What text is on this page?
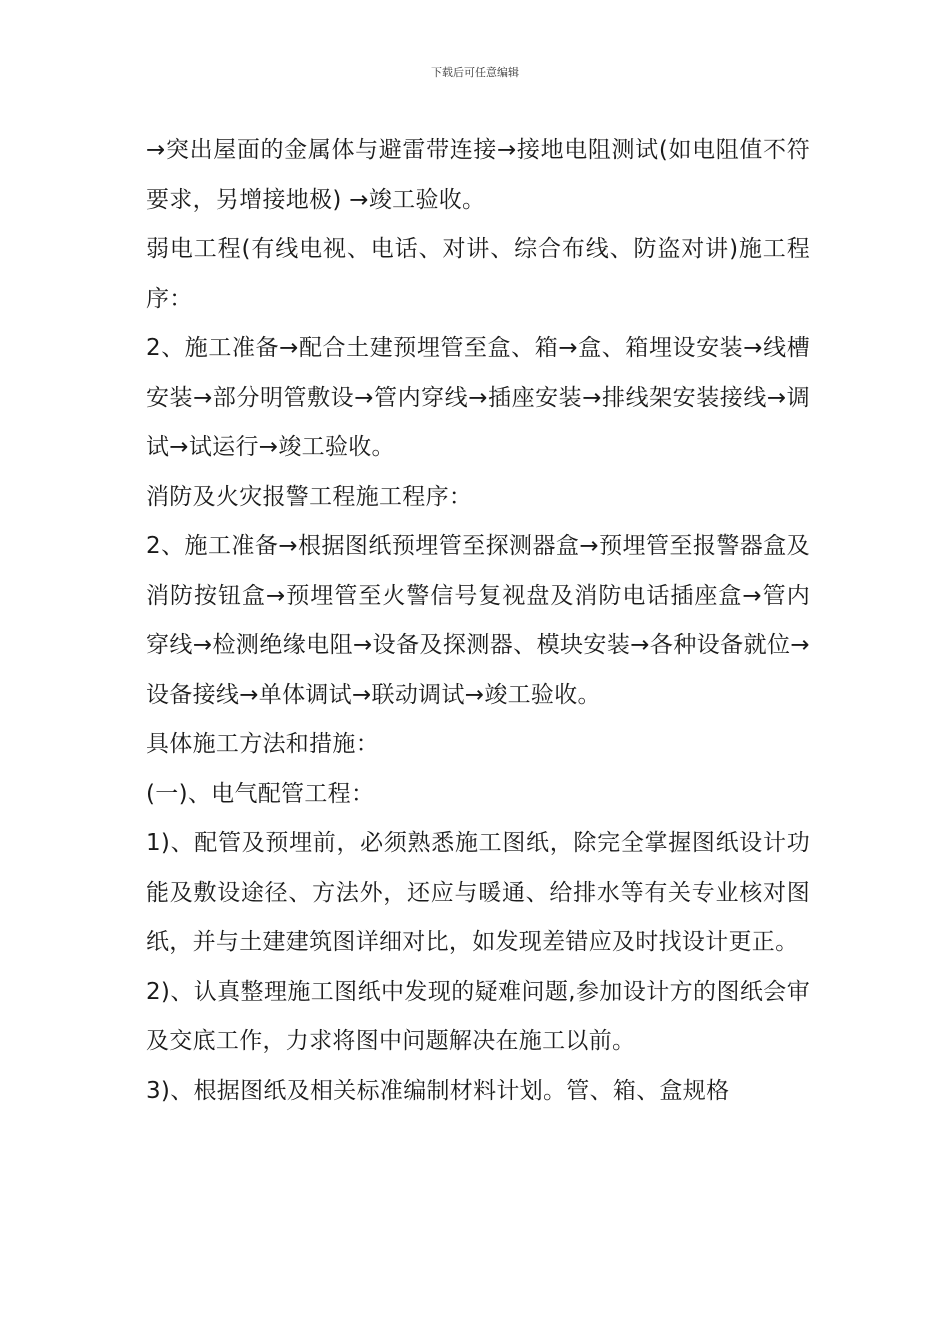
下载后可任意编辑

→突出屋面的金属体与避雷带连接→接地电阻测试(如电阻值不符要求，另增接地极) →竣工验收。

弱电工程(有线电视、电话、对讲、综合布线、防盗对讲)施工程序：

2、施工准备→配合土建预埋管至盒、箱→盒、箱埋设安装→线槽安装→部分明管敷设→管内穿线→插座安装→排线架安装接线→调试→试运行→竣工验收。

消防及火灾报警工程施工程序：

2、施工准备→根据图纸预埋管至探测器盒→预埋管至报警器盒及消防按钮盒→预埋管至火警信号复视盘及消防电话插座盒→管内穿线→检测绝缘电阻→设备及探测器、模块安装→各种设备就位→设备接线→单体调试→联动调试→竣工验收。

具体施工方法和措施：

(一)、电气配管工程：

1)、配管及预埋前，必须熟悉施工图纸，除完全掌握图纸设计功能及敷设途径、方法外，还应与暖通、给排水等有关专业核对图纸，并与土建建筑图详细对比，如发现差错应及时找设计更正。

2)、认真整理施工图纸中发现的疑难问题,参加设计方的图纸会审及交底工作，力求将图中问题解决在施工以前。

3)、根据图纸及相关标准编制材料计划。管、箱、盒规格
